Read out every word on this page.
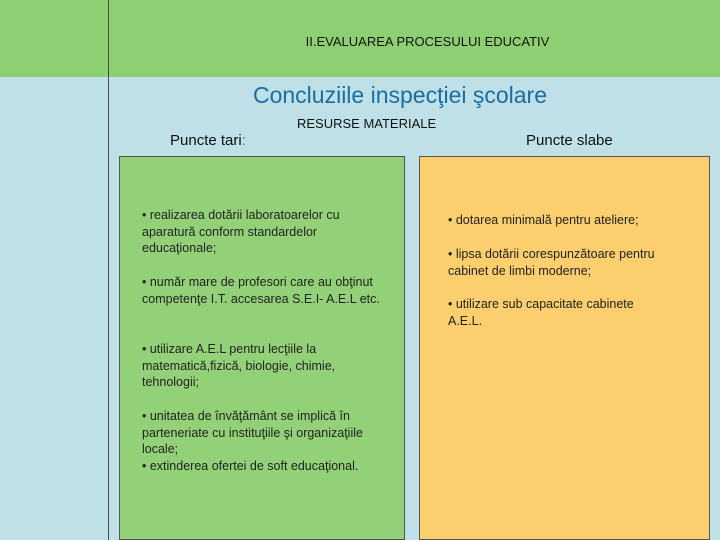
II.EVALUAREA PROCESULUI EDUCATIV
Concluziile inspecţiei şcolare
RESURSE MATERIALE
Puncte tari:	Puncte slabe

• realizarea dotării laboratoarelor cu aparatură conform standardelor educaţionale;

• număr mare de profesori care au obţinut competenţe I.T. accesarea S.E.I- A.E.L etc.

• utilizare A.E.L pentru lecţiile la matematică,fizică, biologie, chimie, tehnologii;

• unitatea de învăţământ se implică în parteneriate cu instituţiile şi organizaţiile locale;

• extinderea ofertei de soft educaţional.

• dotarea minimală pentru ateliere;

• lipsa dotării corespunzătoare pentru cabinet de limbi moderne;

• utilizare sub capacitate cabinete A.E.L.
